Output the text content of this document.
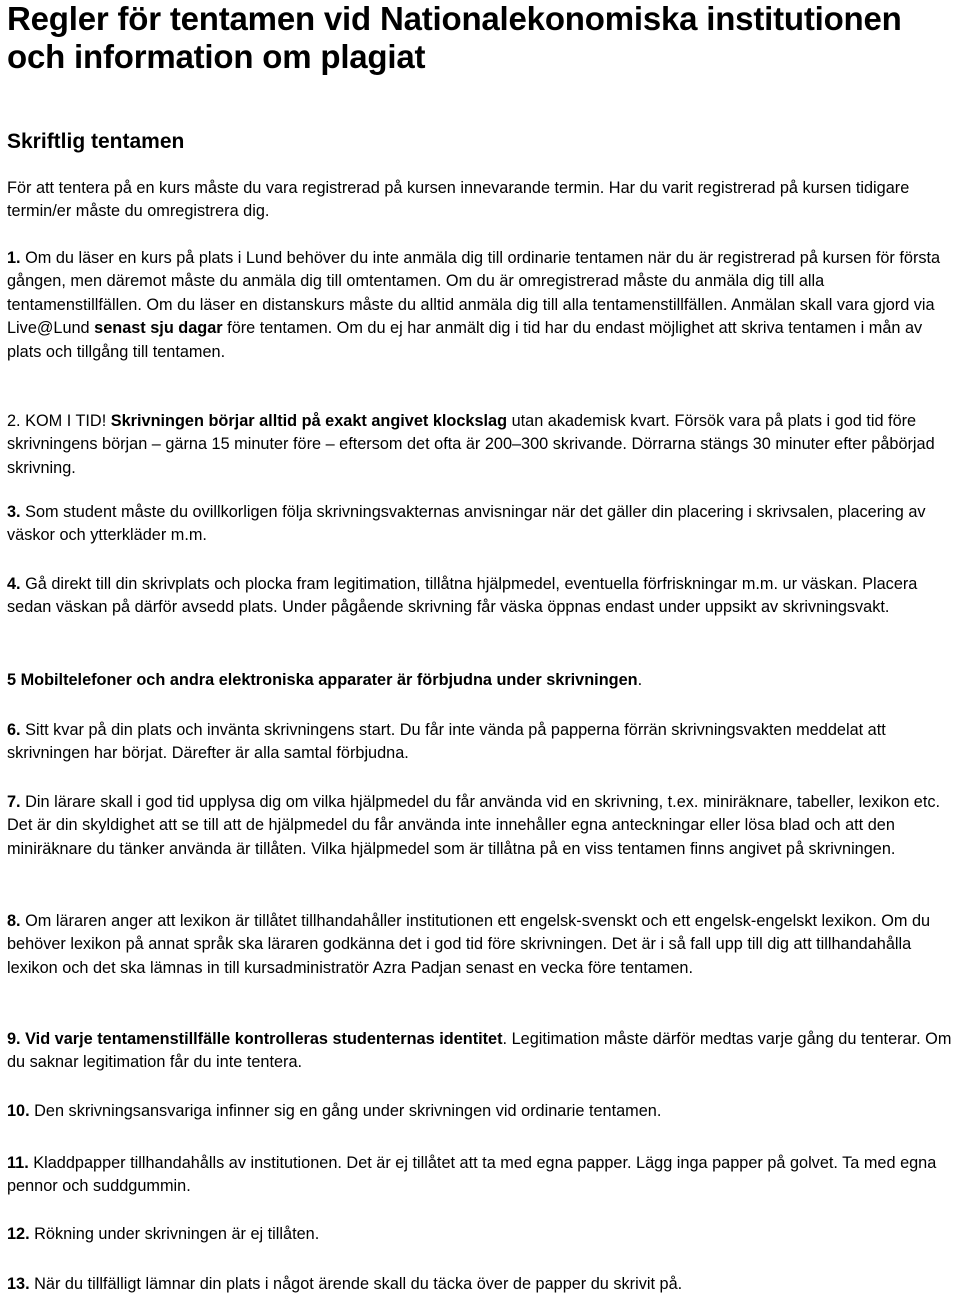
Regler för tentamen vid Nationalekonomiska institutionen och information om plagiat
Skriftlig tentamen

För att tentera på en kurs måste du vara registrerad på kursen innevarande termin. Har du varit registrerad på kursen tidigare termin/er måste du omregistrera dig.

1. Om du läser en kurs på plats i Lund behöver du inte anmäla dig till ordinarie tentamen när du är registrerad på kursen för första gången, men däremot måste du anmäla dig till omtentamen. Om du är omregistrerad måste du anmäla dig till alla tentamenstillfällen. Om du läser en distanskurs måste du alltid anmäla dig till alla tentamenstillfällen. Anmälan skall vara gjord via Live@Lund senast sju dagar före tentamen. Om du ej har anmält dig i tid har du endast möjlighet att skriva tentamen i mån av plats och tillgång till tentamen.

2. KOM I TID! Skrivningen börjar alltid på exakt angivet klockslag utan akademisk kvart. Försök vara på plats i god tid före skrivningens början – gärna 15 minuter före – eftersom det ofta är 200–300 skrivande. Dörrarna stängs 30 minuter efter påbörjad skrivning.

3. Som student måste du ovillkorligen följa skrivningsvakternas anvisningar när det gäller din placering i skrivsalen, placering av väskor och ytterkläder m.m.

4. Gå direkt till din skrivplats och plocka fram legitimation, tillåtna hjälpmedel, eventuella förfriskningar m.m. ur väskan. Placera sedan väskan på därför avsedd plats. Under pågående skrivning får väska öppnas endast under uppsikt av skrivningsvakt.

5 Mobiltelefoner och andra elektroniska apparater är förbjudna under skrivningen.

6. Sitt kvar på din plats och invänta skrivningens start. Du får inte vända på papperna förrän skrivningsvakten meddelat att skrivningen har börjat. Därefter är alla samtal förbjudna.

7. Din lärare skall i god tid upplysa dig om vilka hjälpmedel du får använda vid en skrivning, t.ex. miniräknare, tabeller, lexikon etc. Det är din skyldighet att se till att de hjälpmedel du får använda inte innehåller egna anteckningar eller lösa blad och att den miniräknare du tänker använda är tillåten. Vilka hjälpmedel som är tillåtna på en viss tentamen finns angivet på skrivningen.

8. Om läraren anger att lexikon är tillåtet tillhandahåller institutionen ett engelsk-svenskt och ett engelsk-engelskt lexikon. Om du behöver lexikon på annat språk ska läraren godkänna det i god tid före skrivningen. Det är i så fall upp till dig att tillhandahålla lexikon och det ska lämnas in till kursadministratör Azra Padjan senast en vecka före tentamen.

9. Vid varje tentamenstillfälle kontrolleras studenternas identitet. Legitimation måste därför medtas varje gång du tenterar. Om du saknar legitimation får du inte tentera.

10. Den skrivningsansvariga infinner sig en gång under skrivningen vid ordinarie tentamen.

11. Kladdpapper tillhandahålls av institutionen. Det är ej tillåtet att ta med egna papper. Lägg inga papper på golvet. Ta med egna pennor och suddgummin.

12. Rökning under skrivningen är ej tillåten.

13. När du tillfälligt lämnar din plats i något ärende skall du täcka över de papper du skrivit på.
